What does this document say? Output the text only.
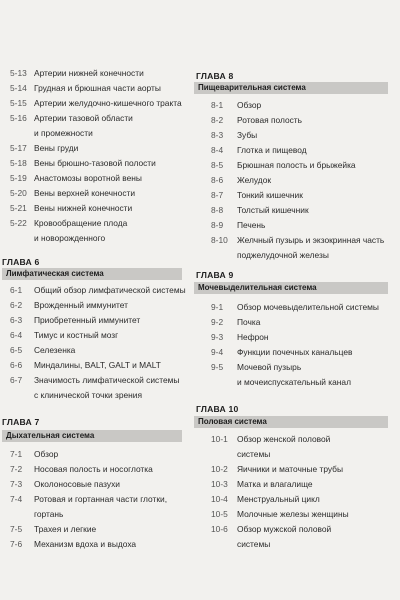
5-13 Артерии нижней конечности
5-14 Грудная и брюшная части аорты
5-15 Артерии желудочно-кишечного тракта
5-16 Артерии тазовой области
и промежности
5-17 Вены груди
5-18 Вены брюшно-тазовой полости
5-19 Анастомозы воротной вены
5-20 Вены верхней конечности
5-21 Вены нижней конечности
5-22 Кровообращение плода
и новорожденного
ГЛАВА 6
Лимфатическая система
6-1 Общий обзор лимфатической системы
6-2 Врожденный иммунитет
6-3 Приобретенный иммунитет
6-4 Тимус и костный мозг
6-5 Селезенка
6-6 Миндалины, BALT, GALT и MALT
6-7 Значимость лимфатической системы
с клинической точки зрения
ГЛАВА 7
Дыхательная система
7-1 Обзор
7-2 Носовая полость и носоглотка
7-3 Околоносовые пазухи
7-4 Ротовая и гортанная части глотки,
гортань
7-5 Трахея и легкие
7-6 Механизм вдоха и выдоха
ГЛАВА 8
Пищеварительная система
8-1 Обзор
8-2 Ротовая полость
8-3 Зубы
8-4 Глотка и пищевод
8-5 Брюшная полость и брыжейка
8-6 Желудок
8-7 Тонкий кишечник
8-8 Толстый кишечник
8-9 Печень
8-10 Желчный пузырь и экзокринная часть
поджелудочной железы
ГЛАВА 9
Мочевыделительная система
9-1 Обзор мочевыделительной системы
9-2 Почка
9-3 Нефрон
9-4 Функции почечных канальцев
9-5 Мочевой пузырь
и мочеиспускательный канал
ГЛАВА 10
Половая система
10-1 Обзор женской половой
системы
10-2 Яичники и маточные трубы
10-3 Матка и влагалище
10-4 Менструальный цикл
10-5 Молочные железы женщины
10-6 Обзор мужской половой
системы
